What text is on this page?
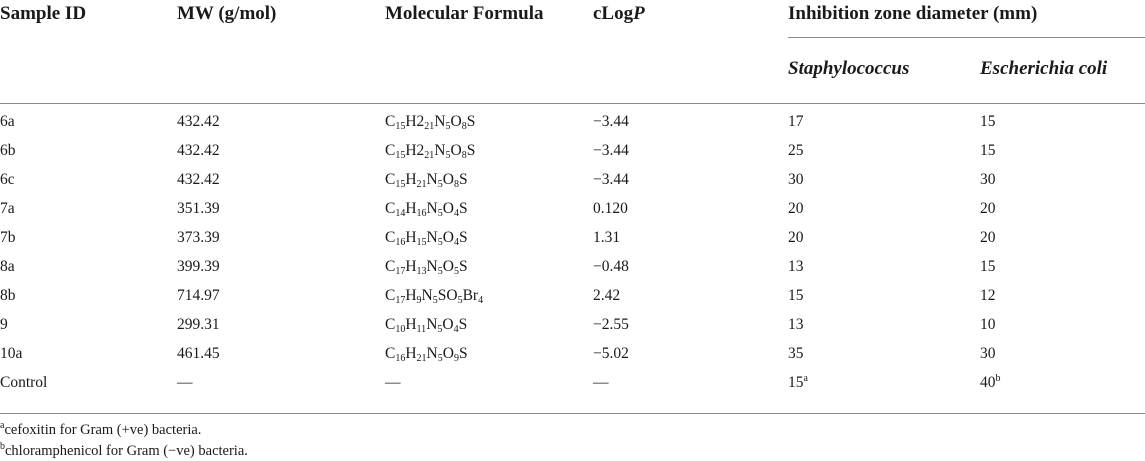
Sample ID	MW (g/mol)	Molecular Formula	cLogP	Inhibition zone diameter (mm)
Staphylococcus	Escherichia coli
6a	432.42	$C_{15}H2_{21}N_5O_8S$	−3.44	17	15
6b	432.42	$C_{15}H2_{21}N_5O_8S$	−3.44	25	15
6c	432.42	$C_{15}H_{21}N_5O_8S$	−3.44	30	30
7a	351.39	$C_{14}H_{16}N_5O_4S$	0.120	20	20
7b	373.39	$C_{16}H_{15}N_5O_4S$	1.31	20	20
8a	399.39	$C_{17}H_{13}N_5O_5S$	−0.48	13	15
8b	714.97	$C_{17}H_9N_5SO_5Br_4$	2.42	15	12
9	299.31	$C_{10}H_{11}N_5O_4S$	−2.55	13	10
10a	461.45	$C_{16}H_{21}N_5O_9S$	−5.02	35	30
Control	—	—	—	15$^a$	40$^b$
$^a$cefoxitin for Gram (+ve) bacteria.
$^b$chloramphenicol for Gram (−ve) bacteria.
